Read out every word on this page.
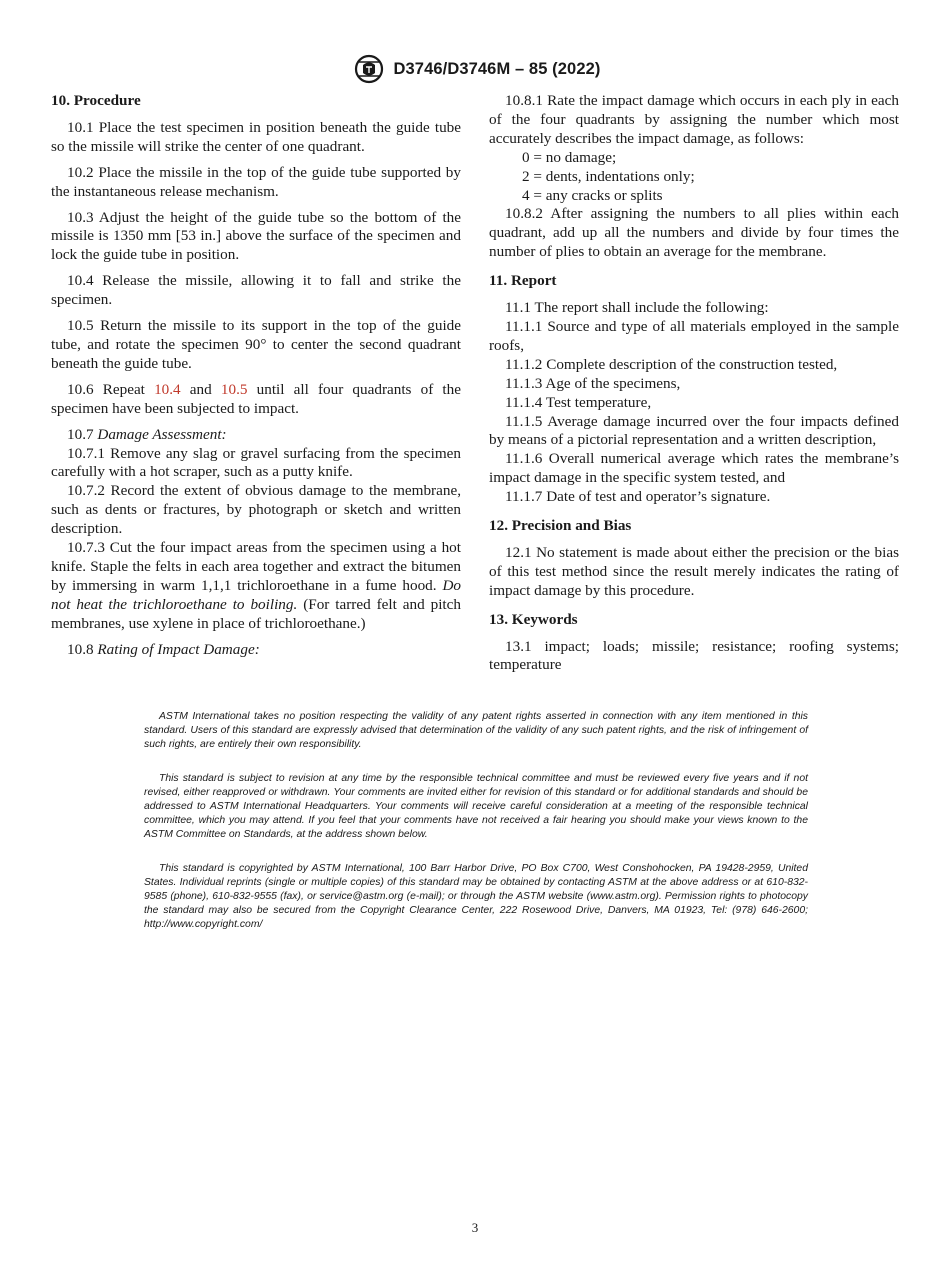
D3746/D3746M – 85 (2022)

10. Procedure

10.1 Place the test specimen in position beneath the guide tube so the missile will strike the center of one quadrant.

10.2 Place the missile in the top of the guide tube supported by the instantaneous release mechanism.

10.3 Adjust the height of the guide tube so the bottom of the missile is 1350 mm [53 in.] above the surface of the specimen and lock the guide tube in position.

10.4 Release the missile, allowing it to fall and strike the specimen.

10.5 Return the missile to its support in the top of the guide tube, and rotate the specimen 90° to center the second quadrant beneath the guide tube.

10.6 Repeat 10.4 and 10.5 until all four quadrants of the specimen have been subjected to impact.

10.7 Damage Assessment:

10.7.1 Remove any slag or gravel surfacing from the specimen carefully with a hot scraper, such as a putty knife.

10.7.2 Record the extent of obvious damage to the membrane, such as dents or fractures, by photograph or sketch and written description.

10.7.3 Cut the four impact areas from the specimen using a hot knife. Staple the felts in each area together and extract the bitumen by immersing in warm 1,1,1 trichloroethane in a fume hood. Do not heat the trichloroethane to boiling. (For tarred felt and pitch membranes, use xylene in place of trichloroethane.)

10.8 Rating of Impact Damage:

10.8.1 Rate the impact damage which occurs in each ply in each of the four quadrants by assigning the number which most accurately describes the impact damage, as follows:

0 = no damage;

2 = dents, indentations only;

4 = any cracks or splits

10.8.2 After assigning the numbers to all plies within each quadrant, add up all the numbers and divide by four times the number of plies to obtain an average for the membrane.

11. Report

11.1 The report shall include the following:

11.1.1 Source and type of all materials employed in the sample roofs,

11.1.2 Complete description of the construction tested,

11.1.3 Age of the specimens,

11.1.4 Test temperature,

11.1.5 Average damage incurred over the four impacts defined by means of a pictorial representation and a written description,

11.1.6 Overall numerical average which rates the membrane’s impact damage in the specific system tested, and

11.1.7 Date of test and operator’s signature.

12. Precision and Bias

12.1 No statement is made about either the precision or the bias of this test method since the result merely indicates the rating of impact damage by this procedure.

13. Keywords

13.1 impact; loads; missile; resistance; roofing systems; temperature

ASTM International takes no position respecting the validity of any patent rights asserted in connection with any item mentioned in this standard. Users of this standard are expressly advised that determination of the validity of any such patent rights, and the risk of infringement of such rights, are entirely their own responsibility.

This standard is subject to revision at any time by the responsible technical committee and must be reviewed every five years and if not revised, either reapproved or withdrawn. Your comments are invited either for revision of this standard or for additional standards and should be addressed to ASTM International Headquarters. Your comments will receive careful consideration at a meeting of the responsible technical committee, which you may attend. If you feel that your comments have not received a fair hearing you should make your views known to the ASTM Committee on Standards, at the address shown below.

This standard is copyrighted by ASTM International, 100 Barr Harbor Drive, PO Box C700, West Conshohocken, PA 19428-2959, United States. Individual reprints (single or multiple copies) of this standard may be obtained by contacting ASTM at the above address or at 610-832-9585 (phone), 610-832-9555 (fax), or service@astm.org (e-mail); or through the ASTM website (www.astm.org). Permission rights to photocopy the standard may also be secured from the Copyright Clearance Center, 222 Rosewood Drive, Danvers, MA 01923, Tel: (978) 646-2600; http://www.copyright.com/

3
